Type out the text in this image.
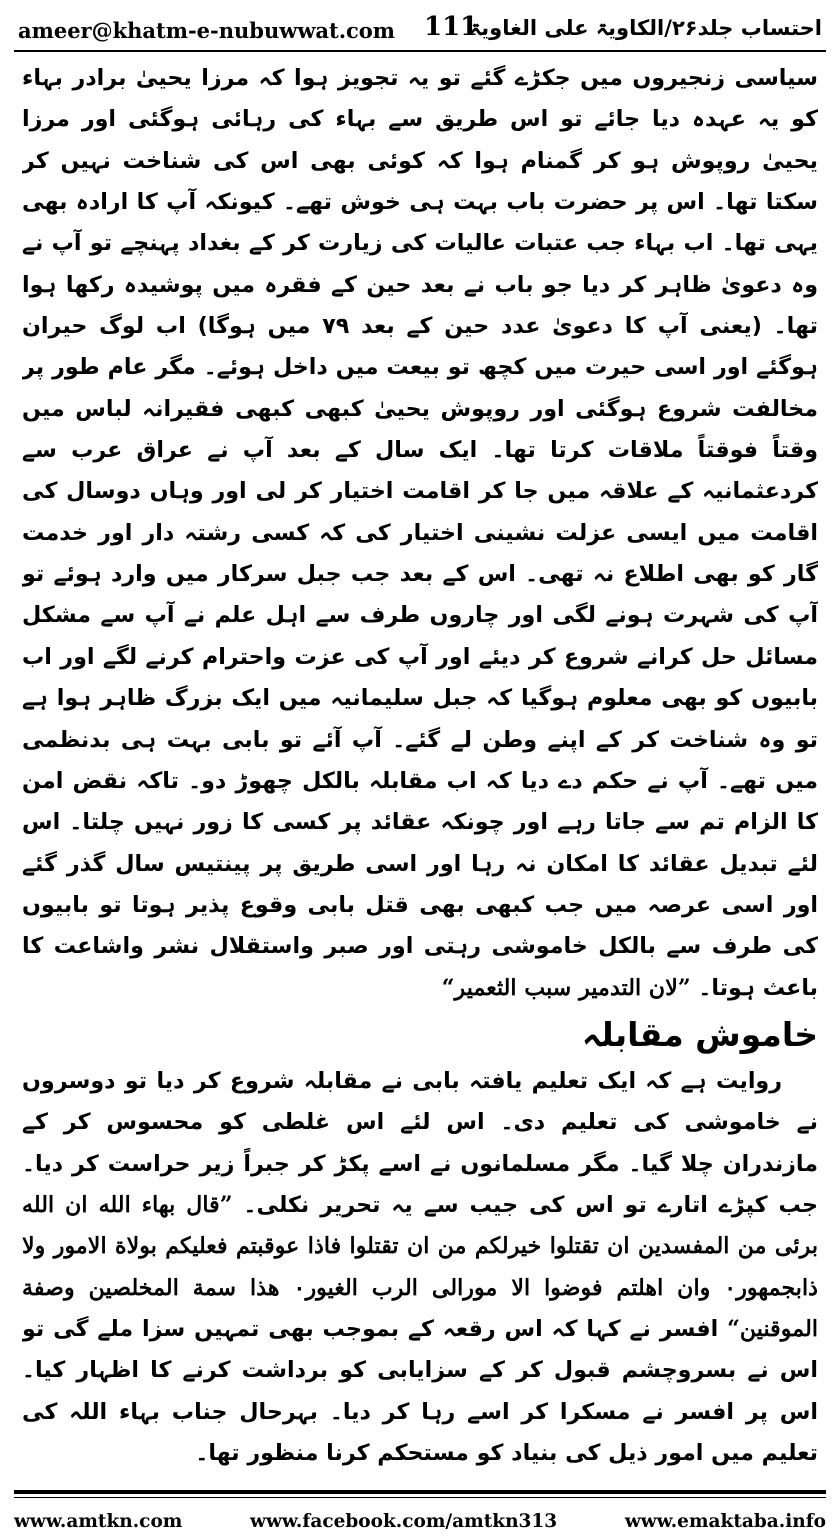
ameer@khatm-e-nubuwwat.com 111
احتساب جلد۲۶/الکاویۃ علی الغاویۃ

سیاسی زنجیروں میں جکڑے گئے تو یہ تجویز ہوا کہ مرزا یحییٰ برادر بہاء کو یہ عہدہ دیا جائے تو اس طریق سے بہاء کی رہائی ہوگئی اور مرزا یحییٰ روپوش ہو کر گمنام ہوا کہ کوئی بھی اس کی شناخت نہیں کر سکتا تھا۔ اس پر حضرت باب بہت ہی خوش تھے۔ کیونکہ آپ کا ارادہ بھی یہی تھا۔ اب بہاء جب عتبات عالیات کی زیارت کر کے بغداد پہنچے تو آپ نے وہ دعویٰ ظاہر کر دیا جو باب نے بعد حین کے فقرہ میں پوشیدہ رکھا ہوا تھا۔ (یعنی آپ کا دعویٰ عدد حین کے بعد ۷۹ میں ہوگا) اب لوگ حیران ہوگئے اور اسی حیرت میں کچھ تو بیعت میں داخل ہوئے۔ مگر عام طور پر مخالفت شروع ہوگئی اور روپوش یحییٰ کبھی کبھی فقیرانہ لباس میں وقتاً فوقتاً ملاقات کرتا تھا۔ ایک سال کے بعد آپ نے عراق عرب سے کردعثمانیہ کے علاقہ میں جا کر اقامت اختیار کر لی اور وہاں دوسال کی اقامت میں ایسی عزلت نشینی اختیار کی کہ کسی رشتہ دار اور خدمت گار کو بھی اطلاع نہ تھی۔ اس کے بعد جب جبل سرکار میں وارد ہوئے تو آپ کی شہرت ہونے لگی اور چاروں طرف سے اہل علم نے آپ سے مشکل مسائل حل کرانے شروع کر دیئے اور آپ کی عزت واحترام کرنے لگے اور اب بابیوں کو بھی معلوم ہوگیا کہ جبل سلیمانیہ میں ایک بزرگ ظاہر ہوا ہے تو وہ شناخت کر کے اپنے وطن لے گئے۔ آپ آئے تو بابی بہت ہی بدنظمی میں تھے۔ آپ نے حکم دے دیا کہ اب مقابلہ بالکل چھوڑ دو۔ تاکہ نقض امن کا الزام تم سے جاتا رہے اور چونکہ عقائد پر کسی کا زور نہیں چلتا۔ اس لئے تبدیل عقائد کا امکان نہ رہا اور اسی طریق پر پینتیس سال گذر گئے اور اسی عرصہ میں جب کبھی بھی قتل بابی وقوع پذیر ہوتا تو بابیوں کی طرف سے بالکل خاموشی رہتی اور صبر واستقلال نشر واشاعت کا باعث ہوتا۔ ”لان التدمیر سبب الثعمیر“

خاموش مقابلہ

روایت ہے کہ ایک تعلیم یافتہ بابی نے مقابلہ شروع کر دیا تو دوسروں نے خاموشی کی تعلیم دی۔ اس لئے اس غلطی کو محسوس کر کے مازندران چلا گیا۔ مگر مسلمانوں نے اسے پکڑ کر جبراً زیر حراست کر دیا۔ جب کپڑے اتارے تو اس کی جیب سے یہ تحریر نکلی۔ ”قال بهاء الله ان الله برئی من المفسدين ان تقتلوا خيرلكم من ان تقتلوا فاذا عوقبتم فعليكم بولاة الامور ولا ذابجمهور۰ وان اهلتم فوضوا الا مورالی الرب الغيور۰ هذا سمة المخلصين وصفة الموقنين“ افسر نے کہا کہ اس رقعہ کے بموجب بھی تمہیں سزا ملے گی تو اس نے بسروچشم قبول کر کے سزایابی کو برداشت کرنے کا اظہار کیا۔ اس پر افسر نے مسکرا کر اسے رہا کر دیا۔ بہرحال جناب بہاء اللہ کی تعلیم میں امور ذیل کی بنیاد کو مستحکم کرنا منظور تھا۔

www.amtkn.com	www.facebook.com/amtkn313	www.emaktaba.info
